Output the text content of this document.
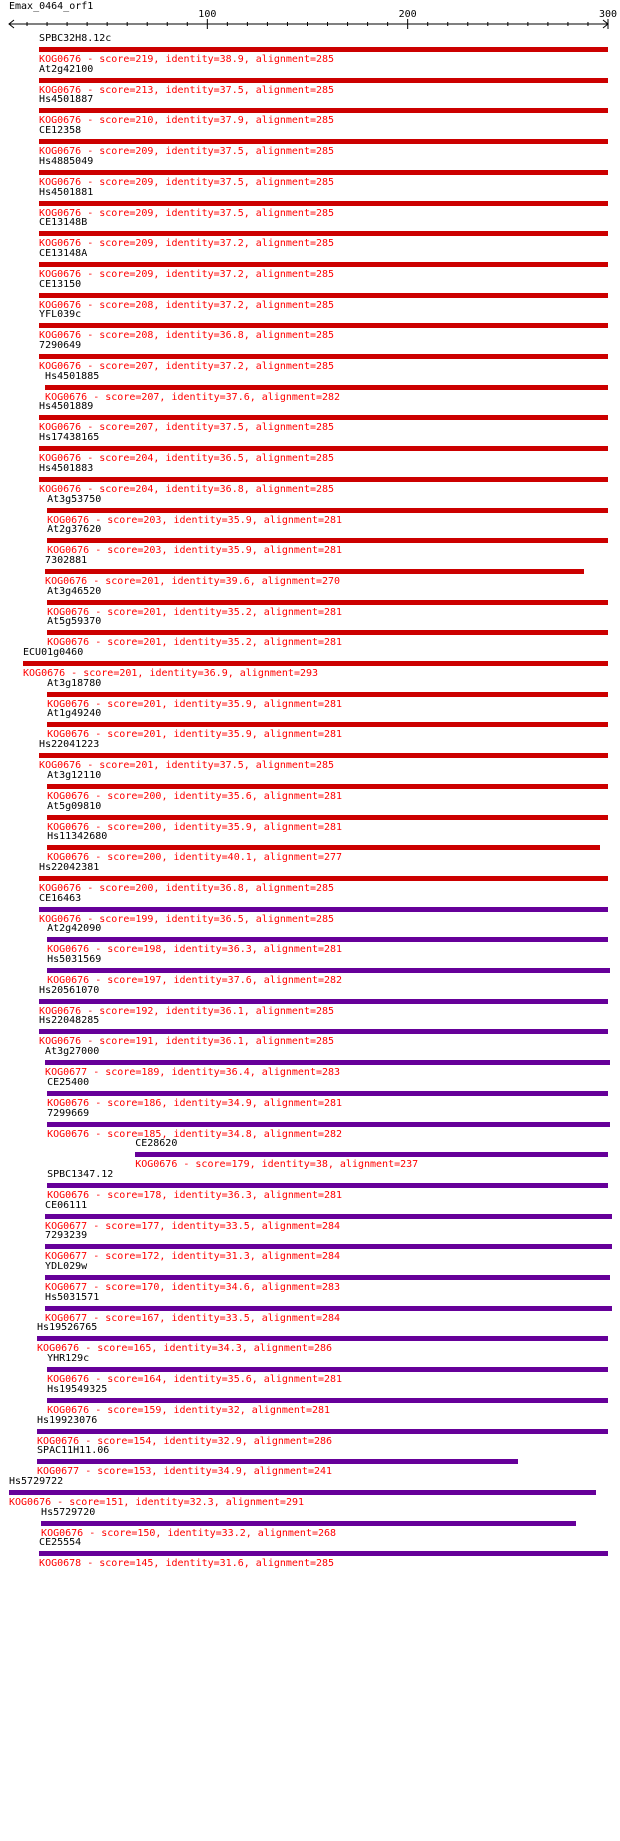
Emax_0464_orf1
100	200	300
SPBC32H8.12c
KOG0676 - score=219, identity=38.9, alignment=285
At2g42100
KOG0676 - score=213, identity=37.5, alignment=285
Hs4501887
KOG0676 - score=210, identity=37.9, alignment=285
CE12358
KOG0676 - score=209, identity=37.5, alignment=285
Hs4885049
KOG0676 - score=209, identity=37.5, alignment=285
Hs4501881
KOG0676 - score=209, identity=37.5, alignment=285
CE13148B
KOG0676 - score=209, identity=37.2, alignment=285
CE13148A
KOG0676 - score=209, identity=37.2, alignment=285
CE13150
KOG0676 - score=208, identity=37.2, alignment=285
YFL039c
KOG0676 - score=208, identity=36.8, alignment=285
7290649
KOG0676 - score=207, identity=37.2, alignment=285
Hs4501885
KOG0676 - score=207, identity=37.6, alignment=282
Hs4501889
KOG0676 - score=207, identity=37.5, alignment=285
Hs17438165
KOG0676 - score=204, identity=36.5, alignment=285
Hs4501883
KOG0676 - score=204, identity=36.8, alignment=285
At3g53750
KOG0676 - score=203, identity=35.9, alignment=281
At2g37620
KOG0676 - score=203, identity=35.9, alignment=281
7302881
KOG0676 - score=201, identity=39.6, alignment=270
At3g46520
KOG0676 - score=201, identity=35.2, alignment=281
At5g59370
KOG0676 - score=201, identity=35.2, alignment=281
ECU01g0460
KOG0676 - score=201, identity=36.9, alignment=293
At3g18780
KOG0676 - score=201, identity=35.9, alignment=281
At1g49240
KOG0676 - score=201, identity=35.9, alignment=281
Hs22041223
KOG0676 - score=201, identity=37.5, alignment=285
At3g12110
KOG0676 - score=200, identity=35.6, alignment=281
At5g09810
KOG0676 - score=200, identity=35.9, alignment=281
Hs11342680
KOG0676 - score=200, identity=40.1, alignment=277
Hs22042381
KOG0676 - score=200, identity=36.8, alignment=285
CE16463
KOG0676 - score=199, identity=36.5, alignment=285
At2g42090
KOG0676 - score=198, identity=36.3, alignment=281
Hs5031569
KOG0676 - score=197, identity=37.6, alignment=282
Hs20561070
KOG0676 - score=192, identity=36.1, alignment=285
Hs22048285
KOG0676 - score=191, identity=36.1, alignment=285
At3g27000
KOG0677 - score=189, identity=36.4, alignment=283
CE25400
KOG0676 - score=186, identity=34.9, alignment=281
7299669
KOG0676 - score=185, identity=34.8, alignment=282
CE28620
KOG0676 - score=179, identity=38, alignment=237
SPBC1347.12
KOG0676 - score=178, identity=36.3, alignment=281
CE06111
KOG0677 - score=177, identity=33.5, alignment=284
7293239
KOG0677 - score=172, identity=31.3, alignment=284
YDL029w
KOG0677 - score=170, identity=34.6, alignment=283
Hs5031571
KOG0677 - score=167, identity=33.5, alignment=284
Hs19526765
KOG0676 - score=165, identity=34.3, alignment=286
YHR129c
KOG0676 - score=164, identity=35.6, alignment=281
Hs19549325
KOG0676 - score=159, identity=32, alignment=281
Hs19923076
KOG0676 - score=154, identity=32.9, alignment=286
SPAC11H11.06
KOG0677 - score=153, identity=34.9, alignment=241
Hs5729722
KOG0676 - score=151, identity=32.3, alignment=291
Hs5729720
KOG0676 - score=150, identity=33.2, alignment=268
CE25554
KOG0678 - score=145, identity=31.6, alignment=285
